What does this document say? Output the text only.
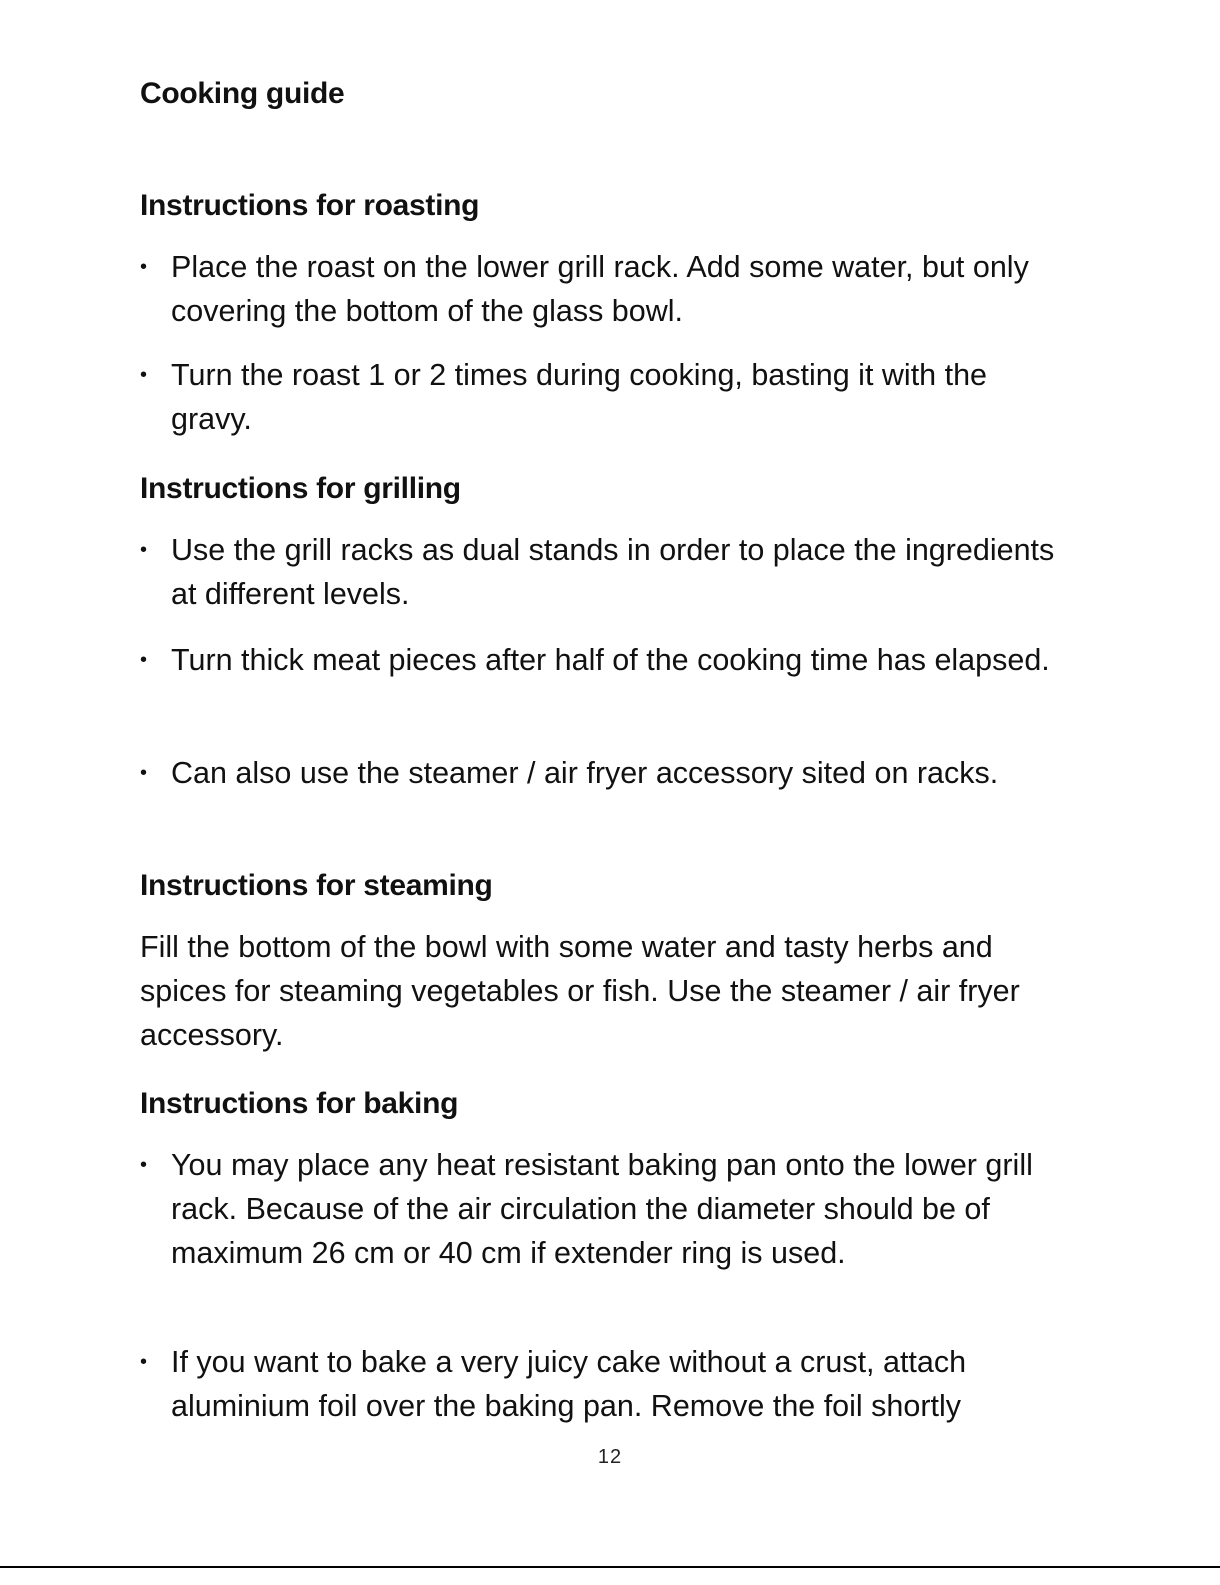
Cooking guide
Instructions for roasting
• Place the roast on the lower grill rack. Add some water, but only covering the bottom of the glass bowl.
• Turn the roast 1 or 2 times during cooking, basting it with the gravy.
Instructions for grilling
• Use the grill racks as dual stands in order to place the ingredients at different levels.
• Turn thick meat pieces after half of the cooking time has elapsed.
• Can also use the steamer / air fryer accessory sited on racks.
Instructions for steaming
Fill the bottom of the bowl with some water and tasty herbs and spices for steaming vegetables or fish. Use the steamer / air fryer accessory.
Instructions for baking
• You may place any heat resistant baking pan onto the lower grill rack. Because of the air circulation the diameter should be of maximum 26 cm or 40 cm if extender ring is used.
• If you want to bake a very juicy cake without a crust, attach aluminium foil over the baking pan. Remove the foil shortly
12
